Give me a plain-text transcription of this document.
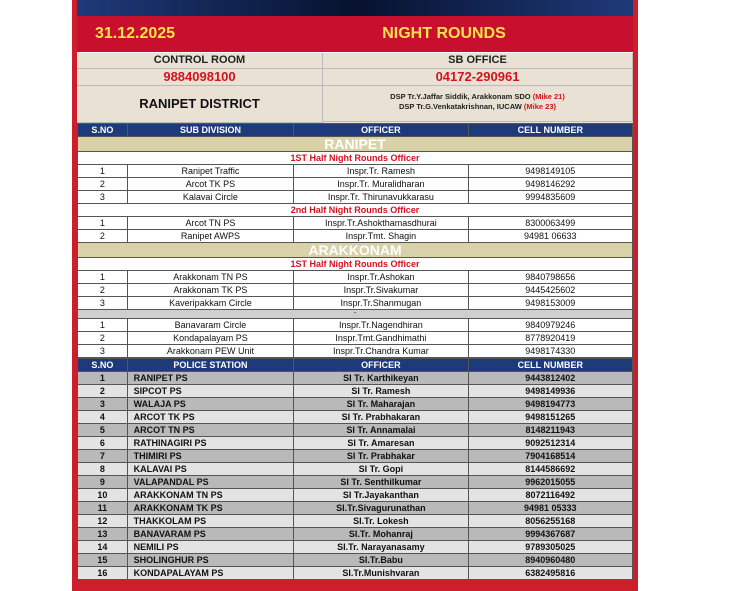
31.12.2025	NIGHT ROUNDS
CONTROL ROOM	SB OFFICE
9884098100	04172-290961
RANIPET DISTRICT	DSP Tr.Y.Jaffar Siddik, Arakkonam SDO (Mike 21)
DSP Tr.G.Venkatakrishnan, IUCAW (Mike 23)
S.NO	SUB DIVISION	OFFICER	CELL NUMBER
RANIPET			
1ST Half Night Rounds Officer			
1	Ranipet Traffic	Inspr.Tr. Ramesh	9498149105
2	Arcot TK PS	Inspr.Tr. Muralidharan	9498146292
3	Kalavai Circle	Inspr.Tr. Thirunavukkarasu	9994835609
2nd Half Night Rounds Officer			
1	Arcot TN PS	Inspr.Tr.Ashokthamasdhurai	8300063499
2	Ranipet AWPS	Inspr.Tmt. Shagin	94981 06633
ARAKKONAM			
1ST Half Night Rounds Officer			
1	Arakkonam TN PS	Inspr.Tr.Ashokan	9840798656
2	Arakkonam TK PS	Inspr.Tr.Sivakumar	9445425602
3	Kaveripakkam Circle	Inspr.Tr.Shanmugan	9498153009
-			
1	Banavaram Circle	Inspr.Tr.Nagendhiran	9840979246
2	Kondapalayam PS	Inspr.Tmt.Gandhimathi	8778920419
3	Arakkonam PEW Unit	Inspr.Tr.Chandra Kumar	9498174330
S.NO	POLICE STATION	OFFICER	CELL NUMBER
1	RANIPET PS	SI Tr. Karthikeyan	9443812402
2	SIPCOT PS	SI Tr. Ramesh	9498149936
3	WALAJA PS	SI Tr. Maharajan	9498194773
4	ARCOT TK PS	SI Tr. Prabhakaran	9498151265
5	ARCOT TN PS	SI Tr. Annamalai	8148211943
6	RATHINAGIRI PS	SI Tr. Amaresan	9092512314
7	THIMIRI PS	SI Tr. Prabhakar	7904168514
8	KALAVAI PS	SI Tr. Gopi	8144586692
9	VALAPANDAL PS	SI Tr. Senthilkumar	9962015055
10	ARAKKONAM TN PS	SI Tr.Jayakanthan	8072116492
11	ARAKKONAM TK PS	SI.Tr.Sivagurunathan	94981 05333
12	THAKKOLAM PS	SI.Tr. Lokesh	8056255168
13	BANAVARAM PS	SI.Tr. Mohanraj	9994367687
14	NEMILI PS	SI.Tr. Narayanasamy	9789305025
15	SHOLINGHUR PS	SI.Tr.Babu	8940960480
16	KONDAPALAYAM PS	SI.Tr.Munishvaran	6382495816
